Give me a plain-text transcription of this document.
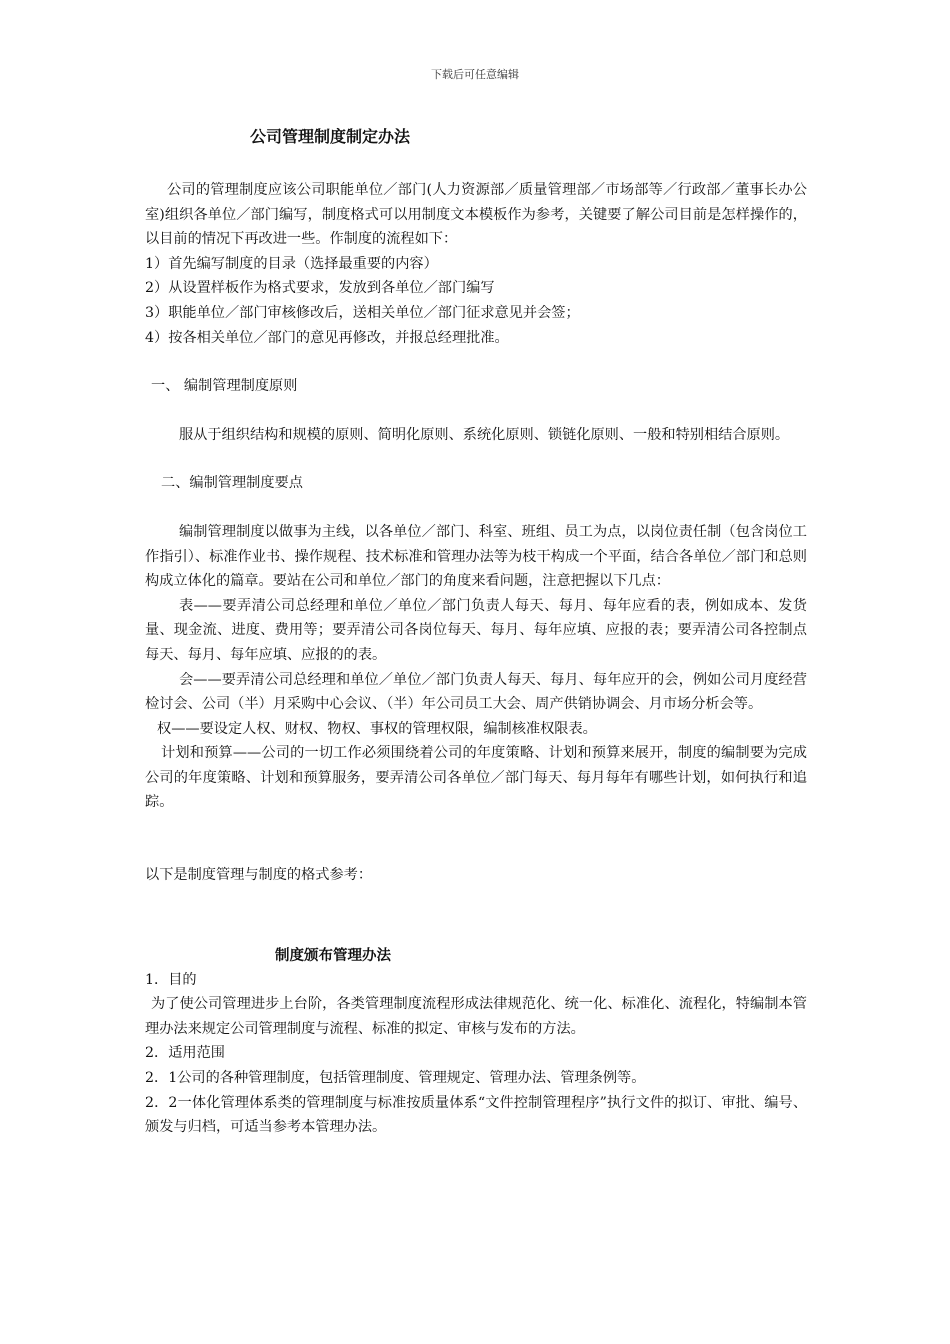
下载后可任意编辑
公司管理制度制定办法

公司的管理制度应该公司职能单位／部门(人力资源部／质量管理部／市场部等／行政部／董事长办公室)组织各单位／部门编写，制度格式可以用制度文本模板作为参考，关键要了解公司目前是怎样操作的，以目前的情况下再改进一些。作制度的流程如下：

1）首先编写制度的目录（选择最重要的内容）

2）从设置样板作为格式要求，发放到各单位／部门编写

3）职能单位／部门审核修改后，送相关单位／部门征求意见并会签；

4）按各相关单位／部门的意见再修改，并报总经理批准。

一、 编制管理制度原则

服从于组织结构和规模的原则、简明化原则、系统化原则、锁链化原则、一般和特别相结合原则。

二、编制管理制度要点

编制管理制度以做事为主线，以各单位／部门、科室、班组、员工为点，以岗位责任制（包含岗位工作指引）、标准作业书、操作规程、技术标准和管理办法等为枝干构成一个平面，结合各单位／部门和总则构成立体化的篇章。要站在公司和单位／部门的角度来看问题，注意把握以下几点：

表——要弄清公司总经理和单位／单位／部门负责人每天、每月、每年应看的表，例如成本、发货量、现金流、进度、费用等；要弄清公司各岗位每天、每月、每年应填、应报的表；要弄清公司各控制点每天、每月、每年应填、应报的的表。

会——要弄清公司总经理和单位／单位／部门负责人每天、每月、每年应开的会，例如公司月度经营检讨会、公司（半）月采购中心会议、（半）年公司员工大会、周产供销协调会、月市场分析会等。

权——要设定人权、财权、物权、事权的管理权限，编制核准权限表。

计划和预算——公司的一切工作必须围绕着公司的年度策略、计划和预算来展开，制度的编制要为完成公司的年度策略、计划和预算服务，要弄清公司各单位／部门每天、每月每年有哪些计划，如何执行和追踪。

以下是制度管理与制度的格式参考：

制度颁布管理办法

1．目的

为了使公司管理进步上台阶，各类管理制度流程形成法律规范化、统一化、标准化、流程化，特编制本管理办法来规定公司管理制度与流程、标准的拟定、审核与发布的方法。

2．适用范围

2．1公司的各种管理制度，包括管理制度、管理规定、管理办法、管理条例等。

2．2一体化管理体系类的管理制度与标准按质量体系“文件控制管理程序”执行文件的拟订、审批、编号、颁发与归档，可适当参考本管理办法。
